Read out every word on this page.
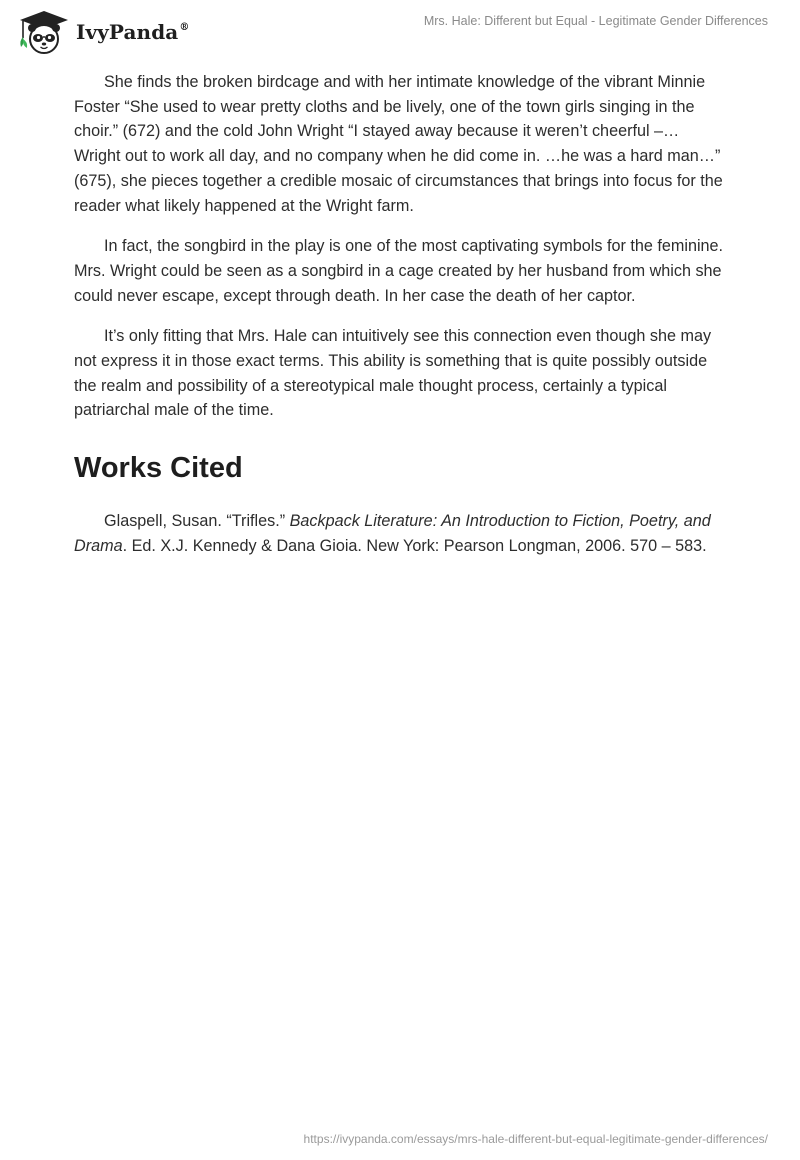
IvyPanda®	Mrs. Hale: Different but Equal - Legitimate Gender Differences

She finds the broken birdcage and with her intimate knowledge of the vibrant Minnie Foster “She used to wear pretty cloths and be lively, one of the town girls singing in the choir.” (672) and the cold John Wright “I stayed away because it weren’t cheerful –… Wright out to work all day, and no company when he did come in. …he was a hard man…” (675), she pieces together a credible mosaic of circumstances that brings into focus for the reader what likely happened at the Wright farm.

In fact, the songbird in the play is one of the most captivating symbols for the feminine. Mrs. Wright could be seen as a songbird in a cage created by her husband from which she could never escape, except through death. In her case the death of her captor.

It’s only fitting that Mrs. Hale can intuitively see this connection even though she may not express it in those exact terms. This ability is something that is quite possibly outside the realm and possibility of a stereotypical male thought process, certainly a typical patriarchal male of the time.

Works Cited

Glaspell, Susan. “Trifles.” Backpack Literature: An Introduction to Fiction, Poetry, and Drama. Ed. X.J. Kennedy & Dana Gioia. New York: Pearson Longman, 2006. 570 – 583.

https://ivypanda.com/essays/mrs-hale-different-but-equal-legitimate-gender-differences/
